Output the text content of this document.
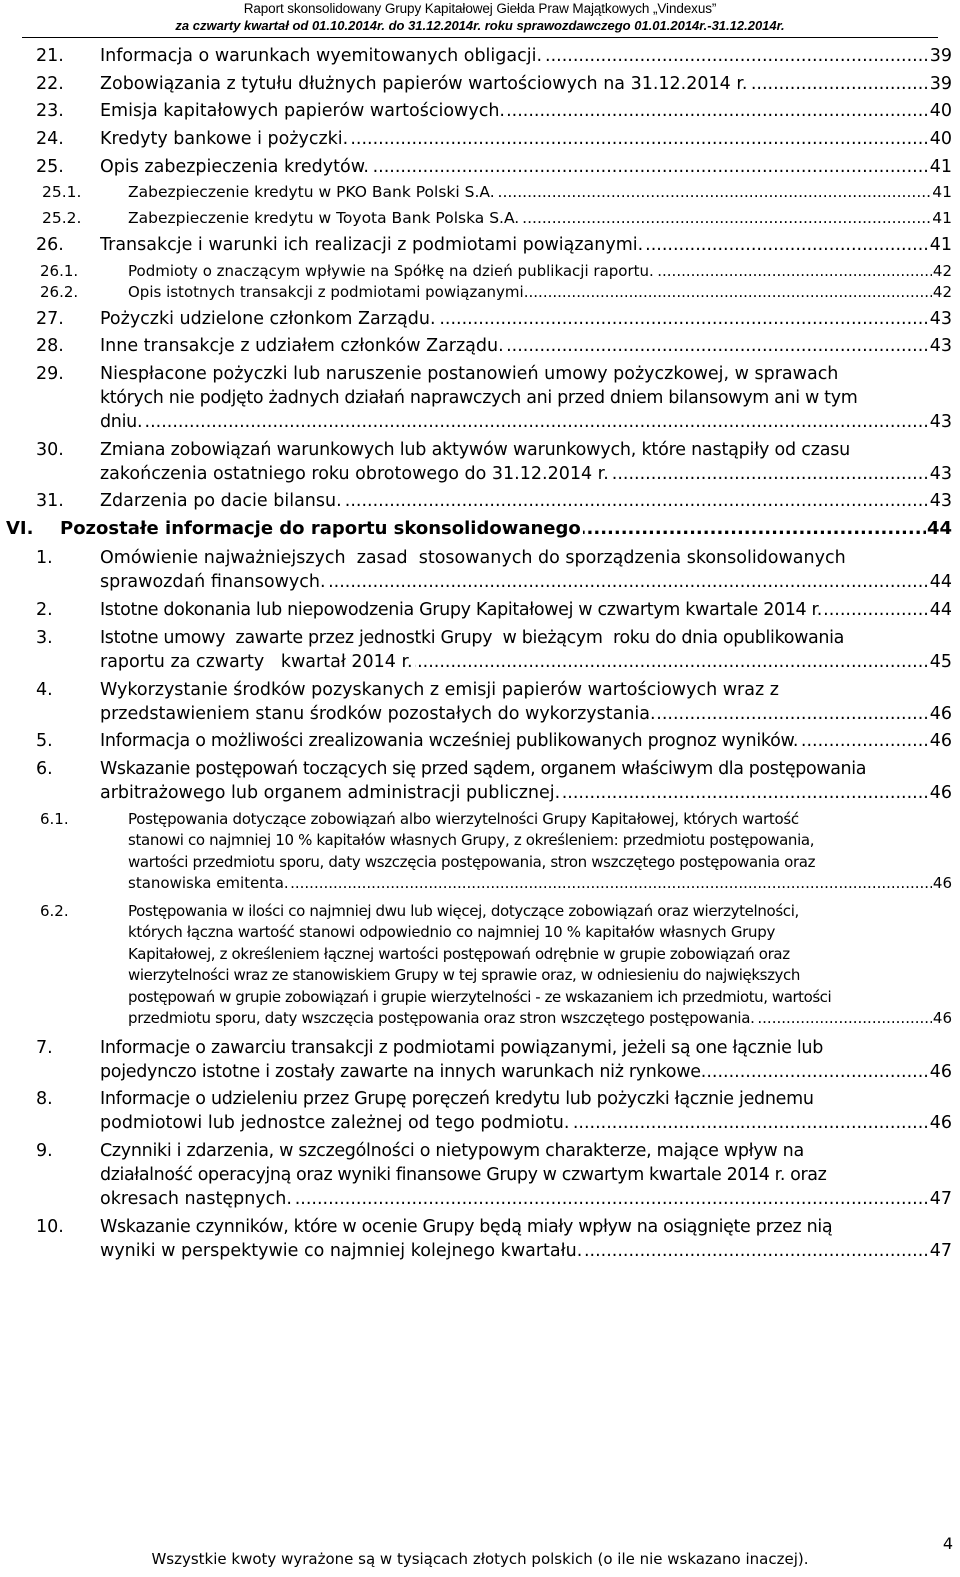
Raport skonsolidowany Grupy Kapitałowej Giełda Praw Majątkowych „Vindexus”
za czwarty kwartał od 01.10.2014r. do 31.12.2014r. roku sprawozdawczego 01.01.2014r.-31.12.2014r.
21. Informacja o warunkach wyemitowanych obligacji.	39
.....
22. Zobowiązania z tytułu dłużnych papierów wartościowych na 31.12.2014 r.	39
.....
23. Emisja kapitałowych papierów wartościowych.	40
.....
24. Kredyty bankowe i pożyczki.	40
.....
25. Opis zabezpieczenia kredytów.	41
.....
25.1.	Zabezpieczenie kredytu w PKO Bank Polski S.A.	41
.....
25.2.	Zabezpieczenie kredytu w Toyota Bank Polska S.A.	41
.....
26. Transakcje i warunki ich realizacji z podmiotami powiązanymi.	41
.....
26.1.	Podmioty o znaczącym wpływie na Spółkę na dzień publikacji raportu.	42
.....
26.2.	Opis istotnych transakcji z podmiotami powiązanymi.	42
.....
27. Pożyczki udzielone członkom Zarządu.	43
.....
28. Inne transakcje z udziałem członków Zarządu.	43
.....
29. Niespłacone pożyczki lub naruszenie postanowień umowy pożyczkowej, w sprawach
których nie podjęto żadnych działań naprawczych ani przed dniem bilansowym ani w tym
dniu.	43
.....
30. Zmiana zobowiązań warunkowych lub aktywów warunkowych, które nastąpiły od czasu
zakończenia ostatniego roku obrotowego do 31.12.2014 r.	43
.....
31. Zdarzenia po dacie bilansu.	43
.....
VI. Pozostałe informacje do raportu skonsolidowanego	44
.....
1.	Omówienie najważniejszych  zasad  stosowanych do sporządzenia skonsolidowanych
sprawozdań finansowych.	44
.....
2.	Istotne dokonania lub niepowodzenia Grupy Kapitałowej w czwartym kwartale 2014 r.	44
.....
3.	Istotne umowy  zawarte przez jednostki Grupy  w bieżącym  roku do dnia opublikowania
raportu za czwarty   kwartał 2014 r.	45
.....
4.	Wykorzystanie środków pozyskanych z emisji papierów wartościowych wraz z
przedstawieniem stanu środków pozostałych do wykorzystania.	46
.....
5.	Informacja o możliwości zrealizowania wcześniej publikowanych prognoz wyników.	46
.....
6.	Wskazanie postępowań toczących się przed sądem, organem właściwym dla postępowania
arbitrażowego lub organem administracji publicznej.	46
.....
6.1.	Postępowania dotyczące zobowiązań albo wierzytelności Grupy Kapitałowej, których wartość
stanowi co najmniej 10 % kapitałów własnych Grupy, z określeniem: przedmiotu postępowania,
wartości przedmiotu sporu, daty wszczęcia postępowania, stron wszczętego postępowania oraz
stanowiska emitenta.	46
.....
6.2.	Postępowania w ilości co najmniej dwu lub więcej, dotyczące zobowiązań oraz wierzytelności,
których łączna wartość stanowi odpowiednio co najmniej 10 % kapitałów własnych Grupy
Kapitałowej, z określeniem łącznej wartości postępowań odrębnie w grupie zobowiązań oraz
wierzytelności wraz ze stanowiskiem Grupy w tej sprawie oraz, w odniesieniu do największych
postępowań w grupie zobowiązań i grupie wierzytelności - ze wskazaniem ich przedmiotu, wartości
przedmiotu sporu, daty wszczęcia postępowania oraz stron wszczętego postępowania.	46
.....
7.	Informacje o zawarciu transakcji z podmiotami powiązanymi, jeżeli są one łącznie lub
pojedynczo istotne i zostały zawarte na innych warunkach niż rynkowe.	46
.....
8.	Informacje o udzieleniu przez Grupę poręczeń kredytu lub pożyczki łącznie jednemu
podmiotowi lub jednostce zależnej od tego podmiotu.	46
.....
9.	Czynniki i zdarzenia, w szczególności o nietypowym charakterze, mające wpływ na
działalność operacyjną oraz wyniki finansowe Grupy w czwartym kwartale 2014 r. oraz
okresach następnych.	47
.....
10. Wskazanie czynników, które w ocenie Grupy będą miały wpływ na osiągnięte przez nią
wyniki w perspektywie co najmniej kolejnego kwartału.	47
.....
4
Wszystkie kwoty wyrażone są w tysiącach złotych polskich (o ile nie wskazano inaczej).
